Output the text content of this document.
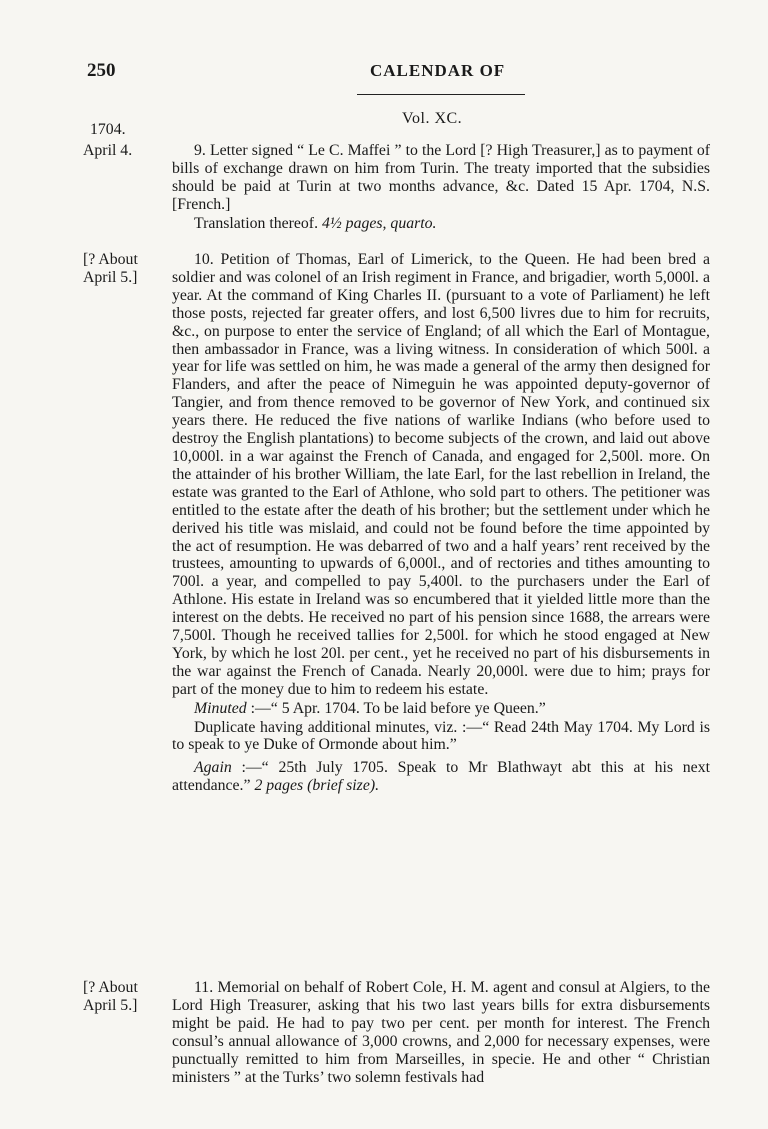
250	CALENDAR OF
Vol. XC.
1704.
April 4.	9. Letter signed “ Le C. Maffei ” to the Lord [? High Treasurer,] as to payment of bills of exchange drawn on him from Turin. The treaty imported that the subsidies should be paid at Turin at two months advance, &c. Dated 15 Apr. 1704, N.S. [French.]

Translation thereof. 4½ pages, quarto.

[? About
April 5.]

10. Petition of Thomas, Earl of Limerick, to the Queen. He had been bred a soldier and was colonel of an Irish regiment in France, and brigadier, worth 5,000l. a year. At the command of King Charles II. (pursuant to a vote of Parliament) he left those posts, rejected far greater offers, and lost 6,500 livres due to him for recruits, &c., on purpose to enter the service of England; of all which the Earl of Montague, then ambassador in France, was a living witness. In consideration of which 500l. a year for life was settled on him, he was made a general of the army then designed for Flanders, and after the peace of Nimeguin he was appointed deputy-governor of Tangier, and from thence removed to be governor of New York, and continued six years there. He reduced the five nations of warlike Indians (who before used to destroy the English plantations) to become subjects of the crown, and laid out above 10,000l. in a war against the French of Canada, and engaged for 2,500l. more. On the attainder of his brother William, the late Earl, for the last rebellion in Ireland, the estate was granted to the Earl of Athlone, who sold part to others. The petitioner was entitled to the estate after the death of his brother; but the settlement under which he derived his title was mislaid, and could not be found before the time appointed by the act of resumption. He was debarred of two and a half years’ rent received by the trustees, amounting to upwards of 6,000l., and of rectories and tithes amounting to 700l. a year, and compelled to pay 5,400l. to the purchasers under the Earl of Athlone. His estate in Ireland was so encumbered that it yielded little more than the interest on the debts. He received no part of his pension since 1688, the arrears were 7,500l. Though he received tallies for 2,500l. for which he stood engaged at New York, by which he lost 20l. per cent., yet he received no part of his disbursements in the war against the French of Canada. Nearly 20,000l. were due to him; prays for part of the money due to him to redeem his estate.

Minuted :—“ 5 Apr. 1704. To be laid before ye Queen.”

Duplicate having additional minutes, viz. :—“ Read 24th May 1704. My Lord is to speak to ye Duke of Ormonde about him.”

Again :—“ 25th July 1705. Speak to Mr Blathwayt abt this at his next attendance.” 2 pages (brief size).

[? About
April 5.]

11. Memorial on behalf of Robert Cole, H. M. agent and consul at Algiers, to the Lord High Treasurer, asking that his two last years bills for extra disbursements might be paid. He had to pay two per cent. per month for interest. The French consul’s annual allowance of 3,000 crowns, and 2,000 for necessary expenses, were punctually remitted to him from Marseilles, in specie. He and other “ Christian ministers ” at the Turks’ two solemn festivals had
